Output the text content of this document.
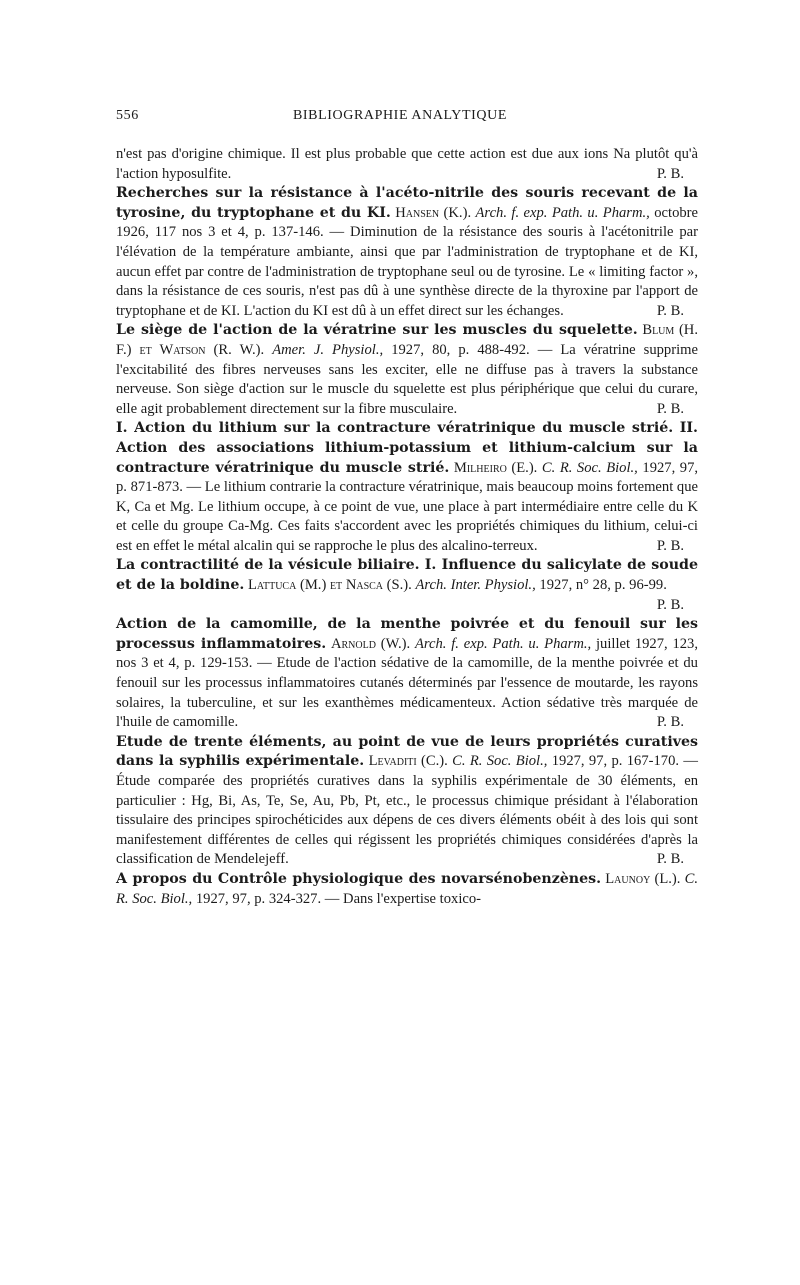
556	BIBLIOGRAPHIE ANALYTIQUE

n'est pas d'origine chimique. Il est plus probable que cette action est due aux ions Na plutôt qu'à l'action hyposulfite.	P. B.

Recherches sur la résistance à l'acéto-nitrile des souris recevant de la tyrosine, du tryptophane et du KI. Hansen (K.). Arch. f. exp. Path. u. Pharm., octobre 1926, 117 nos 3 et 4, p. 137-146. — Diminution de la résistance des souris à l'acétonitrile par l'élévation de la température ambiante, ainsi que par l'administration de tryptophane et de KI, aucun effet par contre de l'administration de tryptophane seul ou de tyrosine. Le « limiting factor », dans la résistance de ces souris, n'est pas dû à une synthèse directe de la thyroxine par l'apport de tryptophane et de KI. L'action du KI est dû à un effet direct sur les échanges.	P. B.

Le siège de l'action de la vératrine sur les muscles du squelette. Blum (H. F.) et Watson (R. W.). Amer. J. Physiol., 1927, 80, p. 488-492. — La vératrine supprime l'excitabilité des fibres nerveuses sans les exciter, elle ne diffuse pas à travers la substance nerveuse. Son siège d'action sur le muscle du squelette est plus périphérique que celui du curare, elle agit probablement directement sur la fibre musculaire.	P. B.

I. Action du lithium sur la contracture vératrinique du muscle strié. II. Action des associations lithium-potassium et lithium-calcium sur la contracture vératrinique du muscle strié. Milheiro (E.). C. R. Soc. Biol., 1927, 97, p. 871-873. — Le lithium contrarie la contracture vératrinique, mais beaucoup moins fortement que K, Ca et Mg. Le lithium occupe, à ce point de vue, une place à part intermédiaire entre celle du K et celle du groupe Ca-Mg. Ces faits s'accordent avec les propriétés chimiques du lithium, celui-ci est en effet le métal alcalin qui se rapproche le plus des alcalino-terreux.	P. B.

La contractilité de la vésicule biliaire. I. Influence du salicylate de soude et de la boldine. Lattuca (M.) et Nasca (S.). Arch. Inter. Physiol., 1927, n° 28, p. 96-99.
P. B.

Action de la camomille, de la menthe poivrée et du fenouil sur les processus inflammatoires. Arnold (W.). Arch. f. exp. Path. u. Pharm., juillet 1927, 123, nos 3 et 4, p. 129-153. — Etude de l'action sédative de la camomille, de la menthe poivrée et du fenouil sur les processus inflammatoires cutanés déterminés par l'essence de moutarde, les rayons solaires, la tuberculine, et sur les exanthèmes médicamenteux. Action sédative très marquée de l'huile de camomille.	P. B.

Etude de trente éléments, au point de vue de leurs propriétés curatives dans la syphilis expérimentale. Levaditi (C.). C. R. Soc. Biol., 1927, 97, p. 167-170. — Étude comparée des propriétés curatives dans la syphilis expérimentale de 30 éléments, en particulier : Hg, Bi, As, Te, Se, Au, Pb, Pt, etc., le processus chimique présidant à l'élaboration tissulaire des principes spirochéticides aux dépens de ces divers éléments obéit à des lois qui sont manifestement différentes de celles qui régissent les propriétés chimiques considérées d'après la classification de Mendelejeff.	P. B.

A propos du Contrôle physiologique des novarsénobenzènes. Launoy (L.). C. R. Soc. Biol., 1927, 97, p. 324-327. — Dans l'expertise toxico-
